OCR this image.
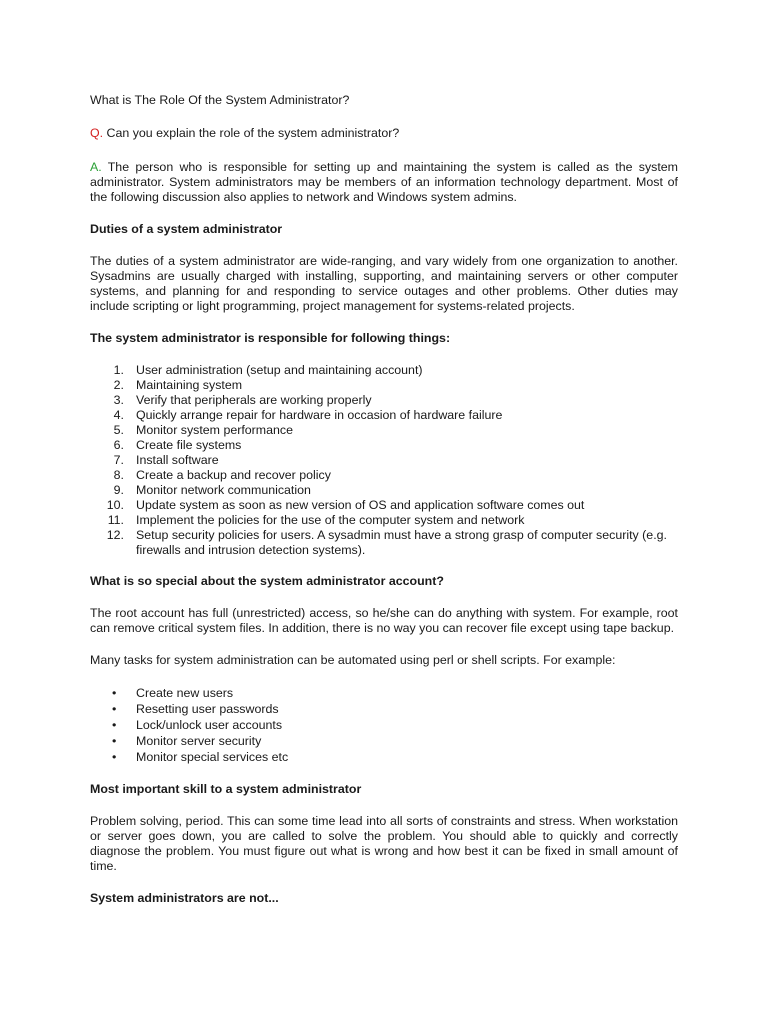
What is The Role Of the System Administrator?

Q. Can you explain the role of the system administrator?

A. The person who is responsible for setting up and maintaining the system is called as the system administrator. System administrators may be members of an information technology department. Most of the following discussion also applies to network and Windows system admins.

Duties of a system administrator

The duties of a system administrator are wide-ranging, and vary widely from one organization to another. Sysadmins are usually charged with installing, supporting, and maintaining servers or other computer systems, and planning for and responding to service outages and other problems. Other duties may include scripting or light programming, project management for systems-related projects.

The system administrator is responsible for following things:

1. User administration (setup and maintaining account)
2. Maintaining system
3. Verify that peripherals are working properly
4. Quickly arrange repair for hardware in occasion of hardware failure
5. Monitor system performance
6. Create file systems
7. Install software
8. Create a backup and recover policy
9. Monitor network communication
10. Update system as soon as new version of OS and application software comes out
11. Implement the policies for the use of the computer system and network
12. Setup security policies for users. A sysadmin must have a strong grasp of computer security (e.g. firewalls and intrusion detection systems).

What is so special about the system administrator account?

The root account has full (unrestricted) access, so he/she can do anything with system. For example, root can remove critical system files. In addition, there is no way you can recover file except using tape backup.

Many tasks for system administration can be automated using perl or shell scripts. For example:

•	Create new users
•	Resetting user passwords
•	Lock/unlock user accounts
•	Monitor server security
•	Monitor special services etc

Most important skill to a system administrator

Problem solving, period. This can some time lead into all sorts of constraints and stress. When workstation or server goes down, you are called to solve the problem. You should able to quickly and correctly diagnose the problem. You must figure out what is wrong and how best it can be fixed in small amount of time.

System administrators are not...
